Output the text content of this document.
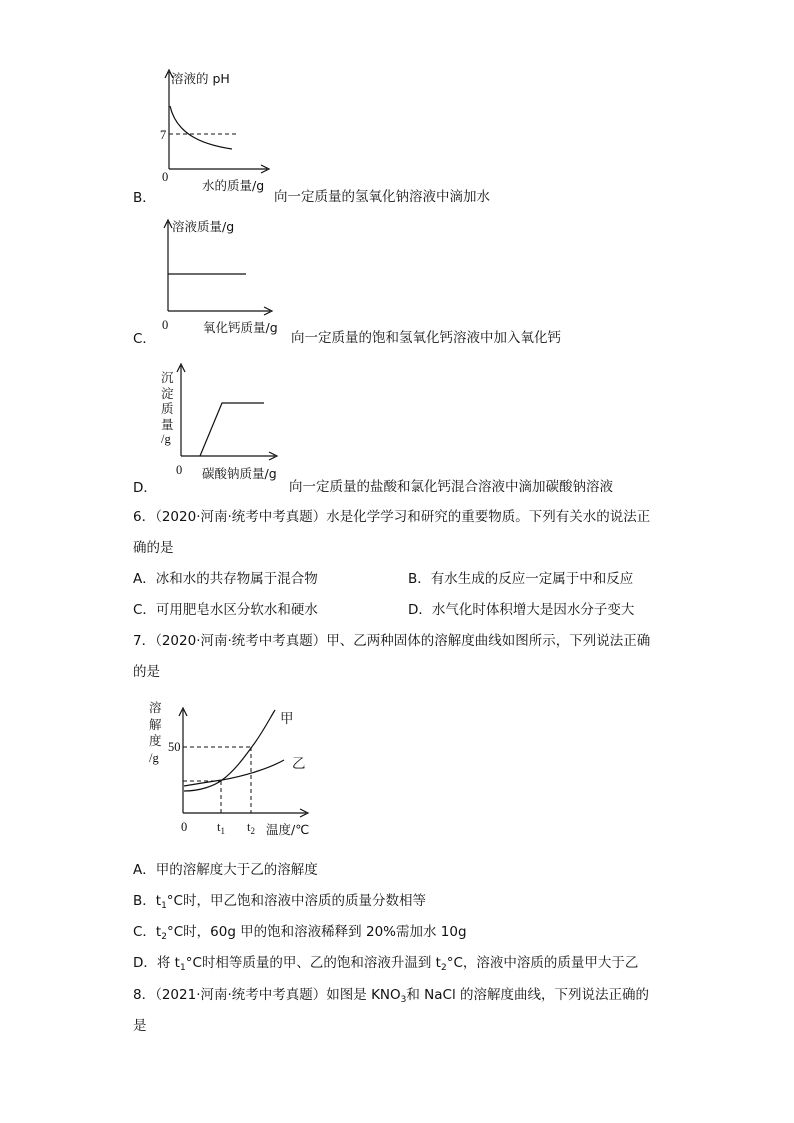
溶液的 pH
7
0
水的质量/g
B．	向一定质量的氢氧化钠溶液中滴加水
溶液质量/g
0	氧化钙质量/g
C．	向一定质量的饱和氢氧化钙溶液中加入氧化钙
沉
淀
质
量
/g
0 碳酸钠质量/g
D．	向一定质量的盐酸和氯化钙混合溶液中滴加碳酸钠溶液
6．（2020·河南·统考中考真题）水是化学学习和研究的重要物质。下列有关水的说法正
确的是
A．冰和水的共存物属于混合物	B．有水生成的反应一定属于中和反应
C．可用肥皂水区分软水和硬水	D．水气化时体积增大是因水分子变大
7．（2020·河南·统考中考真题）甲、乙两种固体的溶解度曲线如图所示，下列说法正确
的是
溶
解
度
/g
50
0 $t_1$ $t_2$ 温度/℃
甲
乙
A．甲的溶解度大于乙的溶解度
B．$t_1^\circ C$时，甲乙饱和溶液中溶质的质量分数相等
C．$t_2^\circ C$时，60g 甲的饱和溶液稀释到 20%需加水 10g
D．将 $t_1^\circ C$时相等质量的甲、乙的饱和溶液升温到 $t_2^\circ C$，溶液中溶质的质量甲大于乙
8．（2021·河南·统考中考真题）如图是 $KNO_3$和 NaCl 的溶解度曲线，下列说法正确的
是
